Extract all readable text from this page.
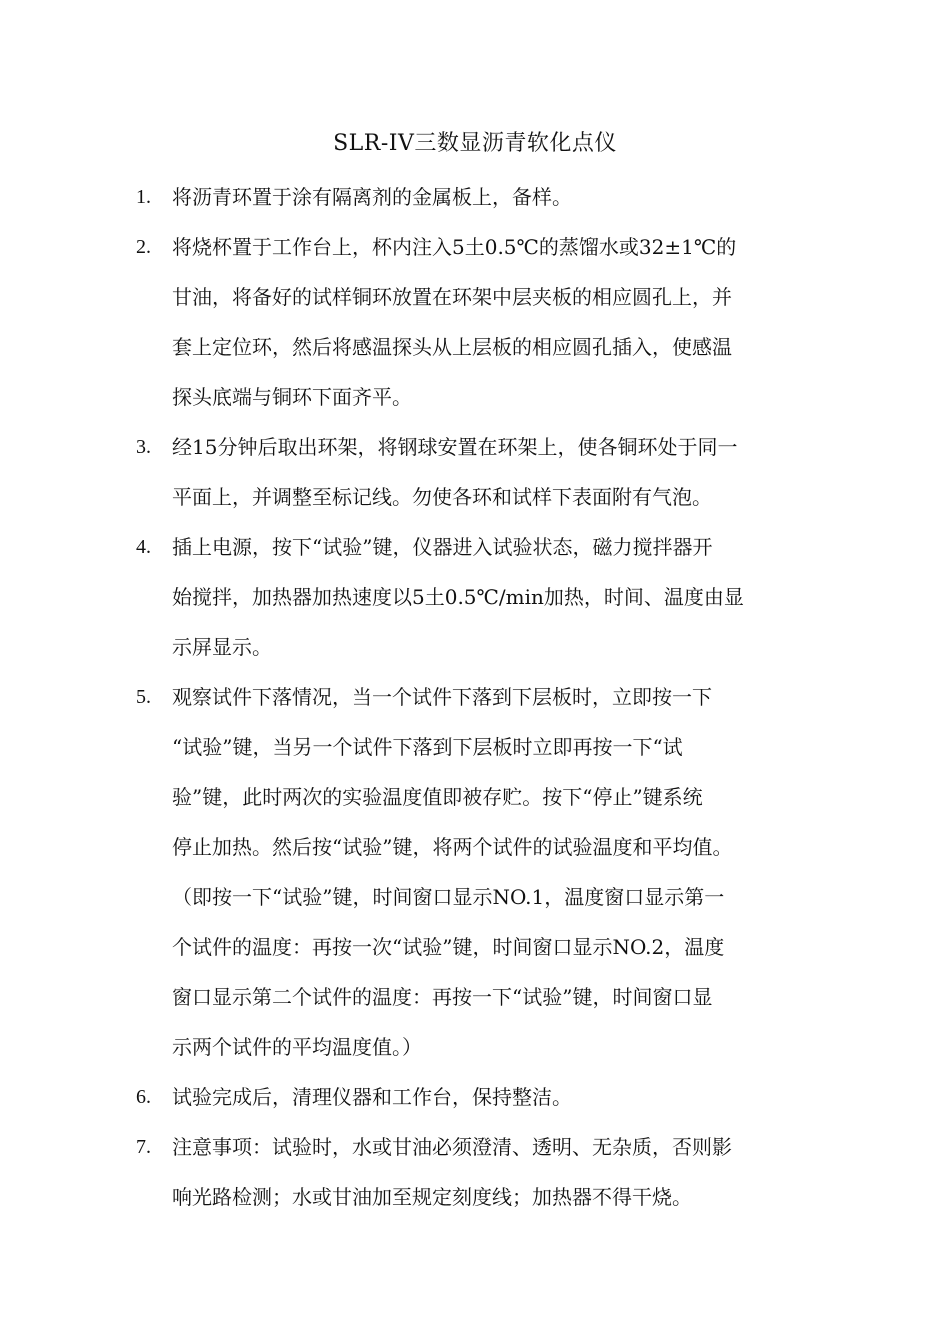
SLR-IV三数显沥青软化点仪
1.	将沥青环置于涂有隔离剂的金属板上，备样。
2.	将烧杯置于工作台上，杯内注入5土0.5℃的蒸馏水或32±1℃的
甘油，将备好的试样铜环放置在环架中层夹板的相应圆孔上，并
套上定位环，然后将感温探头从上层板的相应圆孔插入，使感温
探头底端与铜环下面齐平。
3.	经15分钟后取出环架，将钢球安置在环架上，使各铜环处于同一
平面上，并调整至标记线。勿使各环和试样下表面附有气泡。
4.	插上电源，按下“试验”键，仪器进入试验状态，磁力搅拌器开
始搅拌，加热器加热速度以5土0.5℃/min加热，时间、温度由显
示屏显示。
5.	观察试件下落情况，当一个试件下落到下层板时，立即按一下
“试验”键，当另一个试件下落到下层板时立即再按一下“试
验”键，此时两次的实验温度值即被存贮。按下“停止”键系统
停止加热。然后按“试验”键，将两个试件的试验温度和平均值。
（即按一下“试验”键，时间窗口显示NO.1，温度窗口显示第一
个试件的温度：再按一次“试验”键，时间窗口显示NO.2，温度
窗口显示第二个试件的温度：再按一下“试验”键，时间窗口显
示两个试件的平均温度值。）
6.	试验完成后，清理仪器和工作台，保持整洁。
7.	注意事项：试验时，水或甘油必须澄清、透明、无杂质，否则影
响光路检测；水或甘油加至规定刻度线；加热器不得干烧。
